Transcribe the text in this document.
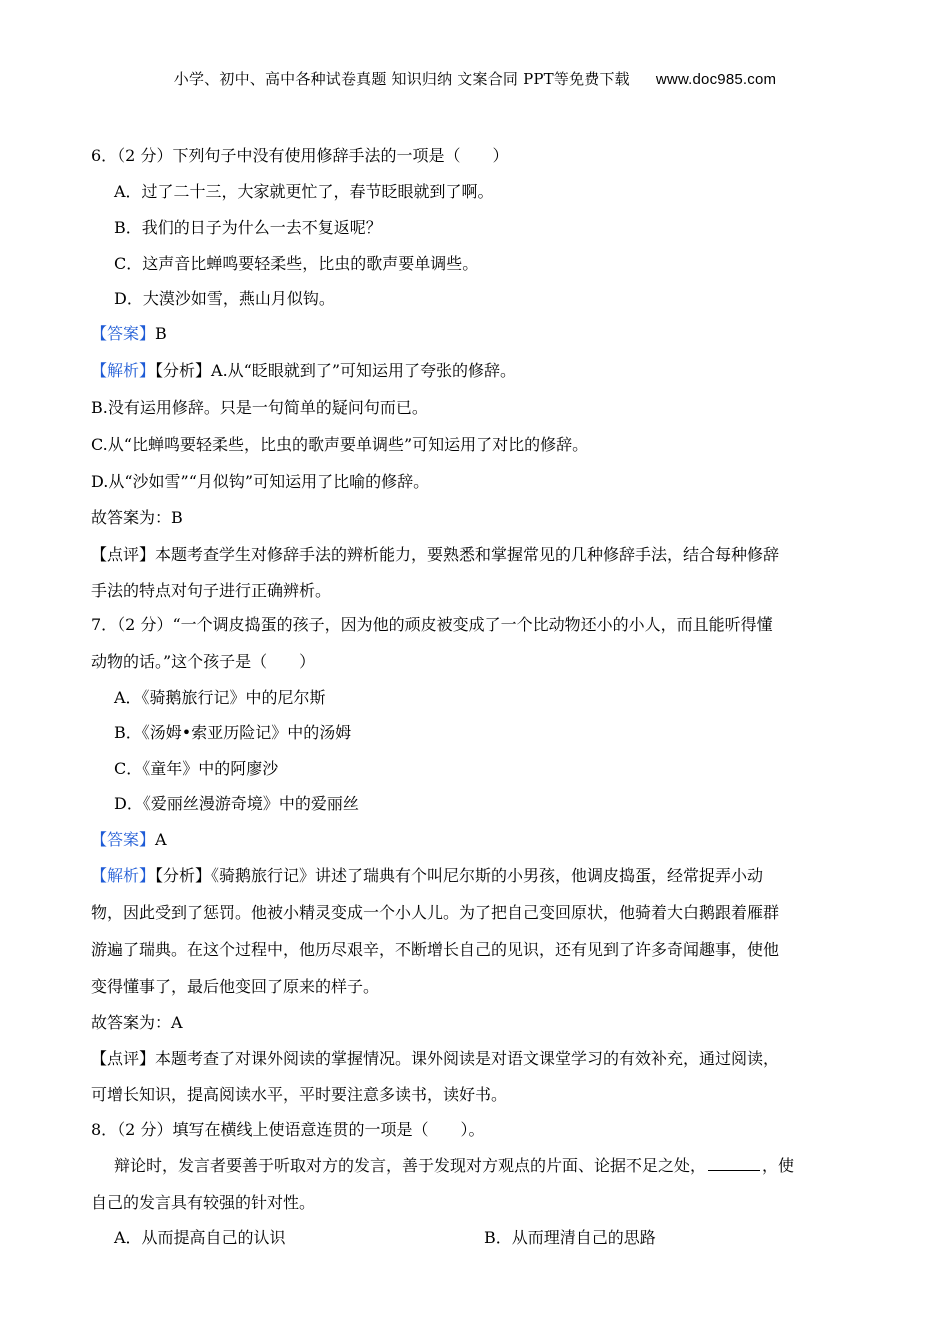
小学、初中、高中各种试卷真题 知识归纳 文案合同 PPT等免费下载 www.doc985.com
6．（2 分）下列句子中没有使用修辞手法的一项是（　　）
A．过了二十三，大家就更忙了，春节眨眼就到了啊。
B．我们的日子为什么一去不复返呢？
C．这声音比蝉鸣要轻柔些，比虫的歌声要单调些。
D．大漠沙如雪，燕山月似钩。
【答案】B
【解析】【分析】A.从“眨眼就到了”可知运用了夸张的修辞。
B.没有运用修辞。只是一句简单的疑问句而已。
C.从“比蝉鸣要轻柔些，比虫的歌声要单调些”可知运用了对比的修辞。
D.从“沙如雪”“月似钩”可知运用了比喻的修辞。
故答案为：B
【点评】本题考查学生对修辞手法的辨析能力，要熟悉和掌握常见的几种修辞手法，结合每种修辞
手法的特点对句子进行正确辨析。
7．（2 分）“一个调皮捣蛋的孩子，因为他的顽皮被变成了一个比动物还小的小人，而且能听得懂
动物的话。”这个孩子是（　　）
A．《骑鹅旅行记》中的尼尔斯
B．《汤姆•索亚历险记》中的汤姆
C．《童年》中的阿廖沙
D．《爱丽丝漫游奇境》中的爱丽丝
【答案】A
【解析】【分析】《骑鹅旅行记》讲述了瑞典有个叫尼尔斯的小男孩，他调皮捣蛋，经常捉弄小动
物，因此受到了惩罚。他被小精灵变成一个小人儿。为了把自己变回原状，他骑着大白鹅跟着雁群
游遍了瑞典。在这个过程中，他历尽艰辛，不断增长自己的见识，还有见到了许多奇闻趣事，使他
变得懂事了，最后他变回了原来的样子。
故答案为：A
【点评】本题考查了对课外阅读的掌握情况。课外阅读是对语文课堂学习的有效补充，通过阅读，
可增长知识，提高阅读水平，平时要注意多读书，读好书。
8．（2 分）填写在横线上使语意连贯的一项是（　　）。
辩论时，发言者要善于听取对方的发言，善于发现对方观点的片面、论据不足之处，	，使
自己的发言具有较强的针对性。
A．从而提高自己的认识	B．从而理清自己的思路
